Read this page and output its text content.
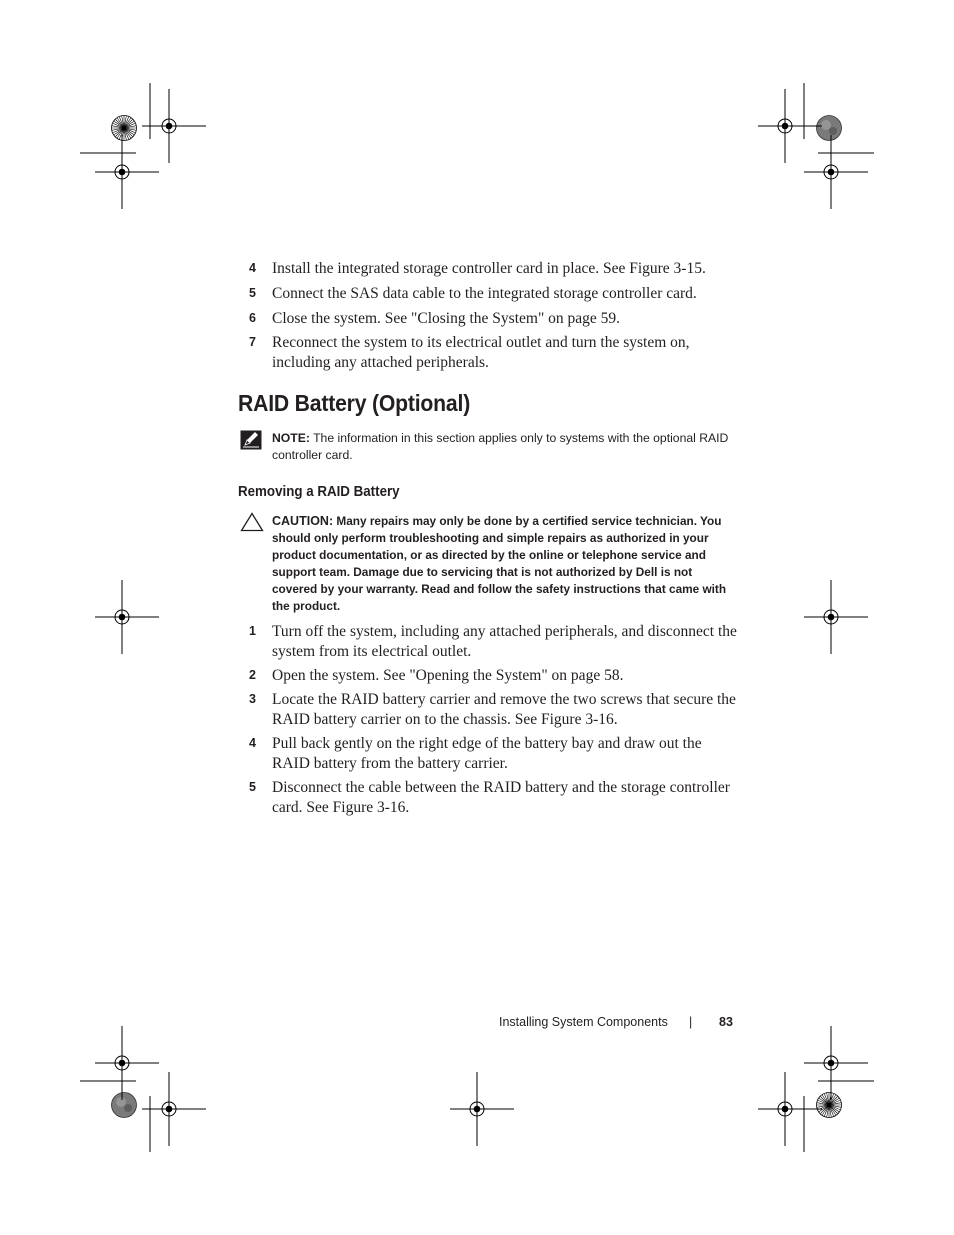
4 Install the integrated storage controller card in place. See Figure 3-15.
5 Connect the SAS data cable to the integrated storage controller card.
6 Close the system. See "Closing the System" on page 59.
7 Reconnect the system to its electrical outlet and turn the system on, including any attached peripherals.
RAID Battery (Optional)
NOTE: The information in this section applies only to systems with the optional RAID controller card.
Removing a RAID Battery
CAUTION: Many repairs may only be done by a certified service technician. You should only perform troubleshooting and simple repairs as authorized in your product documentation, or as directed by the online or telephone service and support team. Damage due to servicing that is not authorized by Dell is not covered by your warranty. Read and follow the safety instructions that came with the product.
1 Turn off the system, including any attached peripherals, and disconnect the system from its electrical outlet.
2 Open the system. See "Opening the System" on page 58.
3 Locate the RAID battery carrier and remove the two screws that secure the RAID battery carrier on to the chassis. See Figure 3-16.
4 Pull back gently on the right edge of the battery bay and draw out the RAID battery from the battery carrier.
5 Disconnect the cable between the RAID battery and the storage controller card. See Figure 3-16.
Installing System Components | 83
